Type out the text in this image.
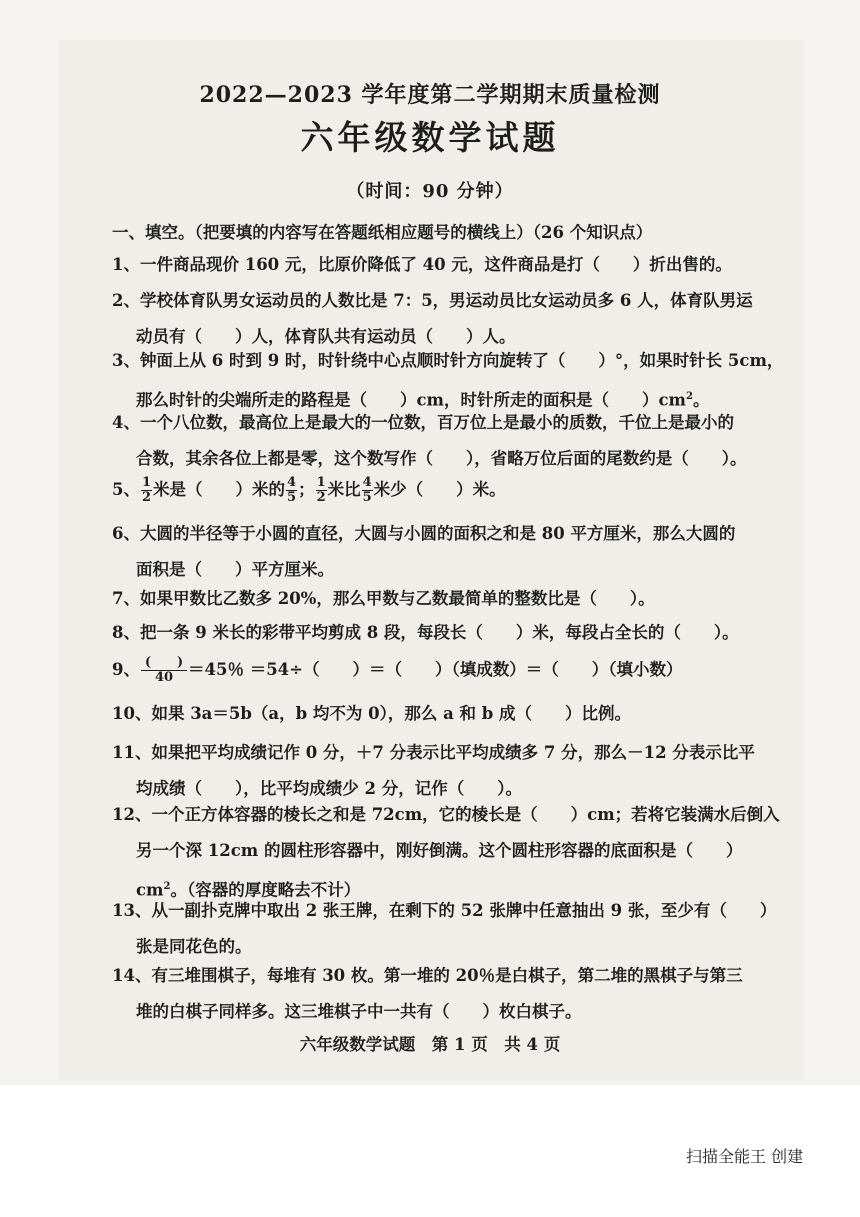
2022—2023 学年度第二学期期末质量检测
六年级数学试题
（时间：90 分钟）
一、填空。（把要填的内容写在答题纸相应题号的横线上）（26 个知识点）
1、一件商品现价 160 元，比原价降低了 40 元，这件商品是打（　　）折出售的。
2、学校体育队男女运动员的人数比是 7：5，男运动员比女运动员多 6 人，体育队男运
动员有（　　）人，体育队共有运动员（　　）人。
3、钟面上从 6 时到 9 时，时针绕中心点顺时针方向旋转了（　　）°，如果时针长 5cm，
那么时针的尖端所走的路程是（　　）cm，时针所走的面积是（　　）$cm^2$。
4、一个八位数，最高位上是最大的一位数，百万位上是最小的质数，千位上是最小的
合数，其余各位上都是零，这个数写作（　　），省略万位后面的尾数约是（　　）。
5、 $\frac{1}{2}$ 米是（　　）米的 $\frac{4}{5}$ ； $\frac{1}{2}$ 米比 $\frac{4}{5}$ 米少（　　）米。
6、大圆的半径等于小圆的直径，大圆与小圆的面积之和是 80 平方厘米，那么大圆的
面积是（　　）平方厘米。
7、如果甲数比乙数多 20%，那么甲数与乙数最简单的整数比是（　　）。
8、把一条 9 米长的彩带平均剪成 8 段，每段长（　　）米，每段占全长的（　　）。
9、 $\frac{( )}{40} =45$％ ＝54÷（　　）＝（　　）（填成数）＝（　　）（填小数）
10、如果 3a＝5b（a，b 均不为 0），那么 a 和 b 成（　　）比例。
11、如果把平均成绩记作 0 分，＋7 分表示比平均成绩多 7 分，那么－12 分表示比平
均成绩（　　），比平均成绩少 2 分，记作（　　）。
12、一个正方体容器的棱长之和是 72cm，它的棱长是（　　）cm；若将它装满水后倒入
另一个深 12cm 的圆柱形容器中，刚好倒满。这个圆柱形容器的底面积是（　　）
$cm^2$。（容器的厚度略去不计）
13、从一副扑克牌中取出 2 张王牌，在剩下的 52 张牌中任意抽出 9 张，至少有（　　）
张是同花色的。
14、有三堆围棋子，每堆有 30 枚。第一堆的 20％是白棋子，第二堆的黑棋子与第三
堆的白棋子同样多。这三堆棋子中一共有（　　）枚白棋子。
六年级数学试题　第 1 页　共 4 页
扫描全能王 创建
